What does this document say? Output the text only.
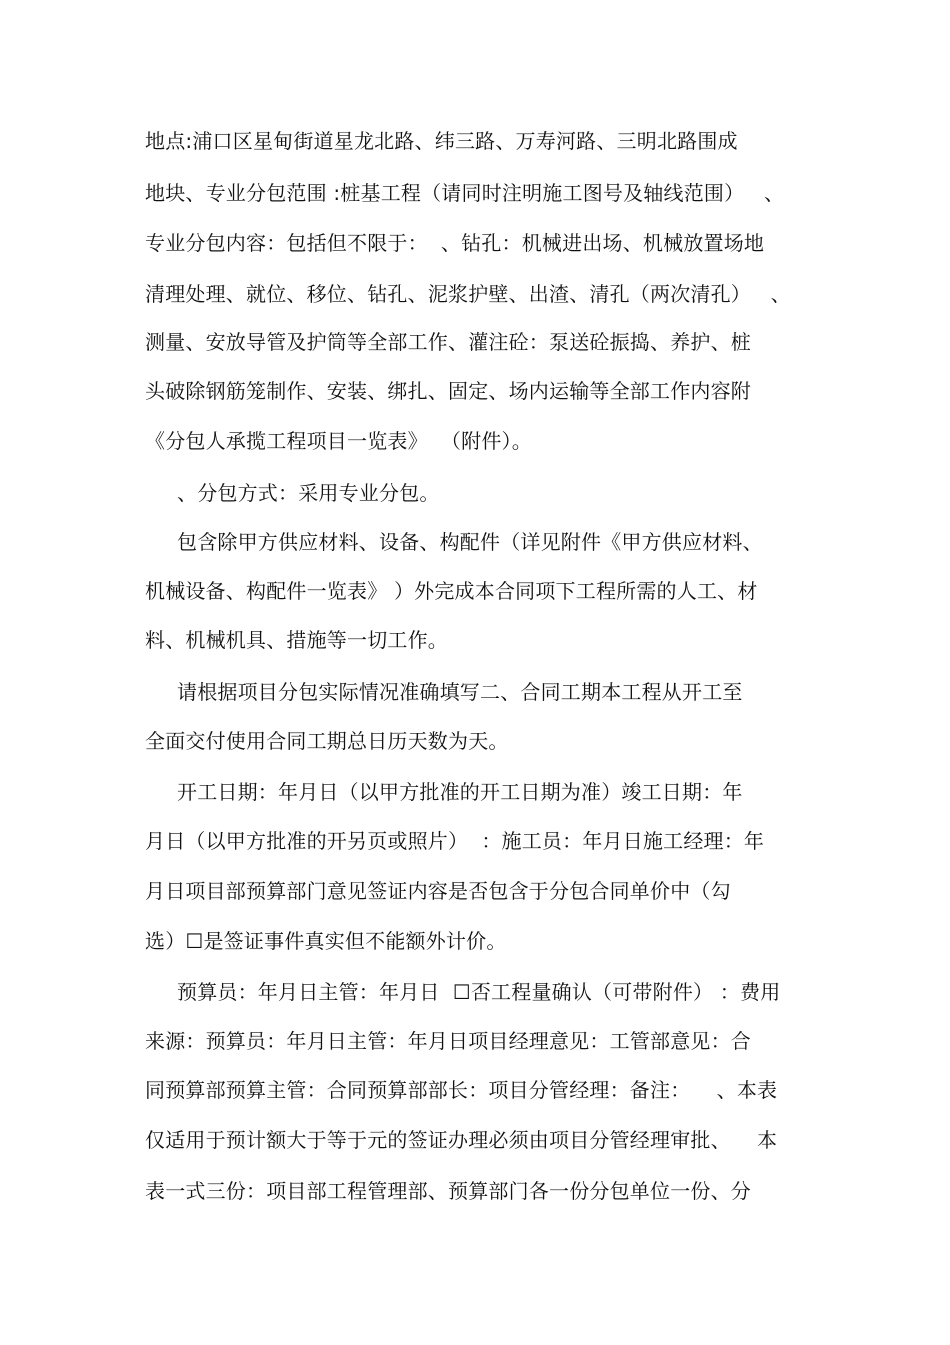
地点:浦口区星甸街道星龙北路、纬三路、万寿河路、三明北路围成
地块、专业分包范围 :桩基工程（请同时注明施工图号及轴线范围）   、
专业分包内容：包括但不限于：  、钻孔：机械进出场、机械放置场地
清理处理、就位、移位、钻孔、泥浆护壁、出渣、清孔（两次清孔）   、
测量、安放导管及护筒等全部工作、灌注砼：泵送砼振捣、养护、桩
头破除钢筋笼制作、安装、绑扎、固定、场内运输等全部工作内容附
《分包人承揽工程项目一览表》  （附件）。
、分包方式：采用专业分包。
包含除甲方供应材料、设备、构配件（详见附件《甲方供应材料、
机械设备、构配件一览表》 ）外完成本合同项下工程所需的人工、材
料、机械机具、措施等一切工作。
请根据项目分包实际情况准确填写二、合同工期本工程从开工至
全面交付使用合同工期总日历天数为天。
开工日期：年月日（以甲方批准的开工日期为准）竣工日期：年
月日（以甲方批准的开另页或照片）  ：施工员：年月日施工经理：年
月日项目部预算部门意见签证内容是否包含于分包合同单价中（勾
选）☐是签证事件真实但不能额外计价。
预算员：年月日主管：年月日  ☐否工程量确认（可带附件） ：费用
来源：预算员：年月日主管：年月日项目经理意见：工管部意见：合
同预算部预算主管：合同预算部部长：项目分管经理：备注：    、本表
仅适用于预计额大于等于元的签证办理必须由项目分管经理审批、    本
表一式三份：项目部工程管理部、预算部门各一份分包单位一份、分
